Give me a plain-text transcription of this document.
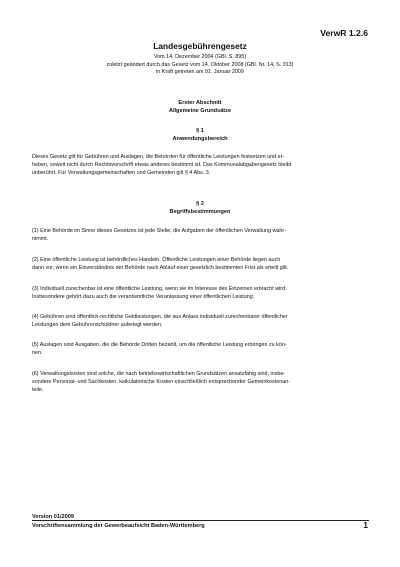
VerwR 1.2.6
Landesgebührengesetz
Vom 14. Dezember 2004 (GBl. S. 895)
zuletzt geändert durch das Gesetz vom 14. Oktober 2008 (GBl. Nr. 14, S. 313)
in Kraft getreten am 01. Januar 2009
Erster Abschnitt
Allgemeine Grundsätze
§ 1
Anwendungsbereich
Dieses Gesetz gilt für Gebühren und Auslagen, die Behörden für öffentliche Leistungen festsetzen und er-
heben, soweit nicht durch Rechtsvorschrift etwas anderes bestimmt ist. Das Kommunalabgabengesetz bleibt
unberührt. Für Verwaltungsgemeinschaften und Gemeinden gilt § 4 Abs. 3.
§ 2
Begriffsbestimmungen
(1) Eine Behörde im Sinne dieses Gesetzes ist jede Stelle, die Aufgaben der öffentlichen Verwaltung wahr-
nimmt.
(2) Eine öffentliche Leistung ist behördliches Handeln. Öffentliche Leistungen einer Behörde liegen auch
dann vor, wenn ein Einverständnis der Behörde nach Ablauf einer gesetzlich bestimmten Frist als erteilt gilt.
(3) Individuell zurechenbar ist eine öffentliche Leistung, wenn sie im Interesse des Einzelnen erbracht wird.
Insbesondere gehört dazu auch die verantwortliche Veranlassung einer öffentlichen Leistung.
(4) Gebühren sind öffentlich-rechtliche Geldleistungen, die aus Anlass individuell zurechenbarer öffentlicher
Leistungen dem Gebührenschuldner auferlegt werden.
(5) Auslagen sind Ausgaben, die die Behörde Dritten bezahlt, um die öffentliche Leistung erbringen zu kön-
nen.
(6) Verwaltungskosten sind solche, die nach betriebswirtschaftlichen Grundsätzen ansatzfähig sind, insbe-
sondere Personal- und Sachkosten, kalkulatorische Kosten einschließlich entsprechender Gemeinkostenan-
teile.
Version 01/2009
Vorschriftensammlung der Gewerbeaufsicht Baden-Württemberg	1
